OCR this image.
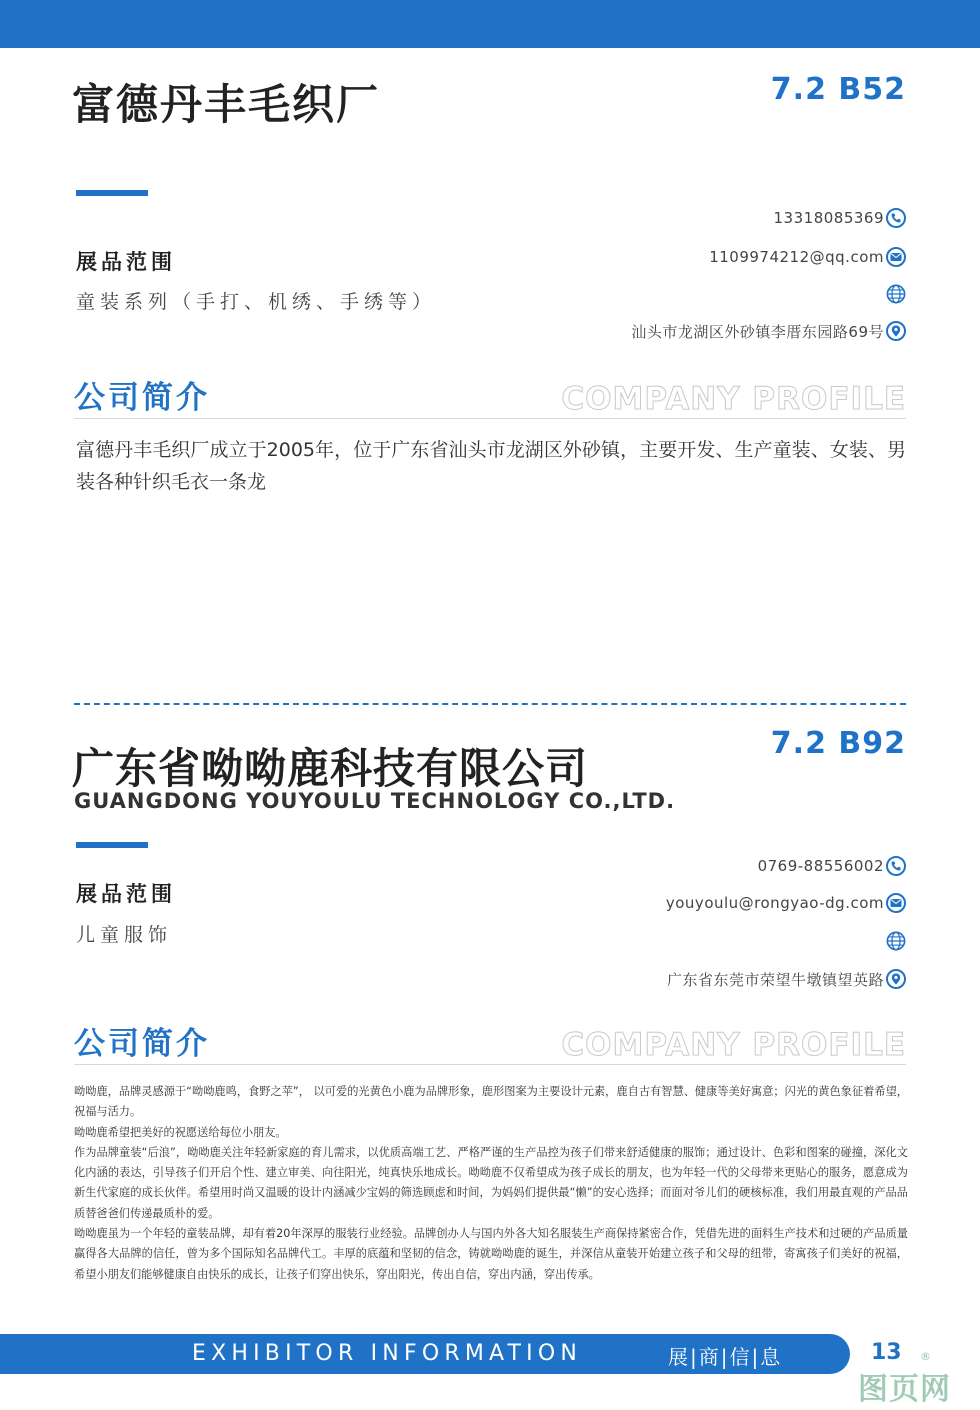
富德丹丰毛织厂	7.2 B52
展品范围
童装系列（手打、机绣、手绣等）
13318085369
1109974212@qq.com
汕头市龙湖区外砂镇李厝东园路69号
公司简介	COMPANY PROFILE
富德丹丰毛织厂成立于2005年，位于广东省汕头市龙湖区外砂镇，主要开发、生产童装、女装、男装各种针织毛衣一条龙
广东省呦呦鹿科技有限公司
7.2 B92
GUANGDONG YOUYOULU TECHNOLOGY CO.,LTD.
展品范围
儿童服饰
0769-88556002
youyoulu@rongyao-dg.com
广东省东莞市荣望牛墩镇望英路
公司简介	COMPANY PROFILE

呦呦鹿，品牌灵感源于“呦呦鹿鸣，食野之苹”， 以可爱的光黄色小鹿为品牌形象，鹿形图案为主要设计元素，鹿自古有智慧、健康等美好寓意；闪光的黄色象征着希望，祝福与活力。

呦呦鹿希望把美好的祝愿送给每位小朋友。

作为品牌童装“后浪”，呦呦鹿关注年轻新家庭的育儿需求，以优质高端工艺、严格严谨的生产品控为孩子们带来舒适健康的服饰；通过设计、色彩和图案的碰撞，深化文化内涵的表达，引导孩子们开启个性、建立审美、向往阳光，纯真快乐地成长。呦呦鹿不仅希望成为孩子成长的朋友，也为年轻一代的父母带来更贴心的服务，愿意成为新生代家庭的成长伙伴。希望用时尚又温暖的设计内涵减少宝妈的筛选顾虑和时间，为妈妈们提供最“懒”的安心选择；而面对爷儿们的硬核标准，我们用最直观的产品品质替爸爸们传递最质朴的爱。

呦呦鹿虽为一个年轻的童装品牌，却有着20年深厚的服装行业经验。品牌创办人与国内外各大知名服装生产商保持紧密合作，凭借先进的面料生产技术和过硬的产品质量赢得各大品牌的信任，曾为多个国际知名品牌代工。丰厚的底蕴和坚韧的信念，铸就呦呦鹿的诞生，并深信从童装开始建立孩子和父母的纽带，寄寓孩子们美好的祝福，希望小朋友们能够健康自由快乐的成长，让孩子们穿出快乐，穿出阳光，传出自信，穿出内涵，穿出传承。

EXHIBITOR INFORMATION	展|商|信|息	13
图页网
®
